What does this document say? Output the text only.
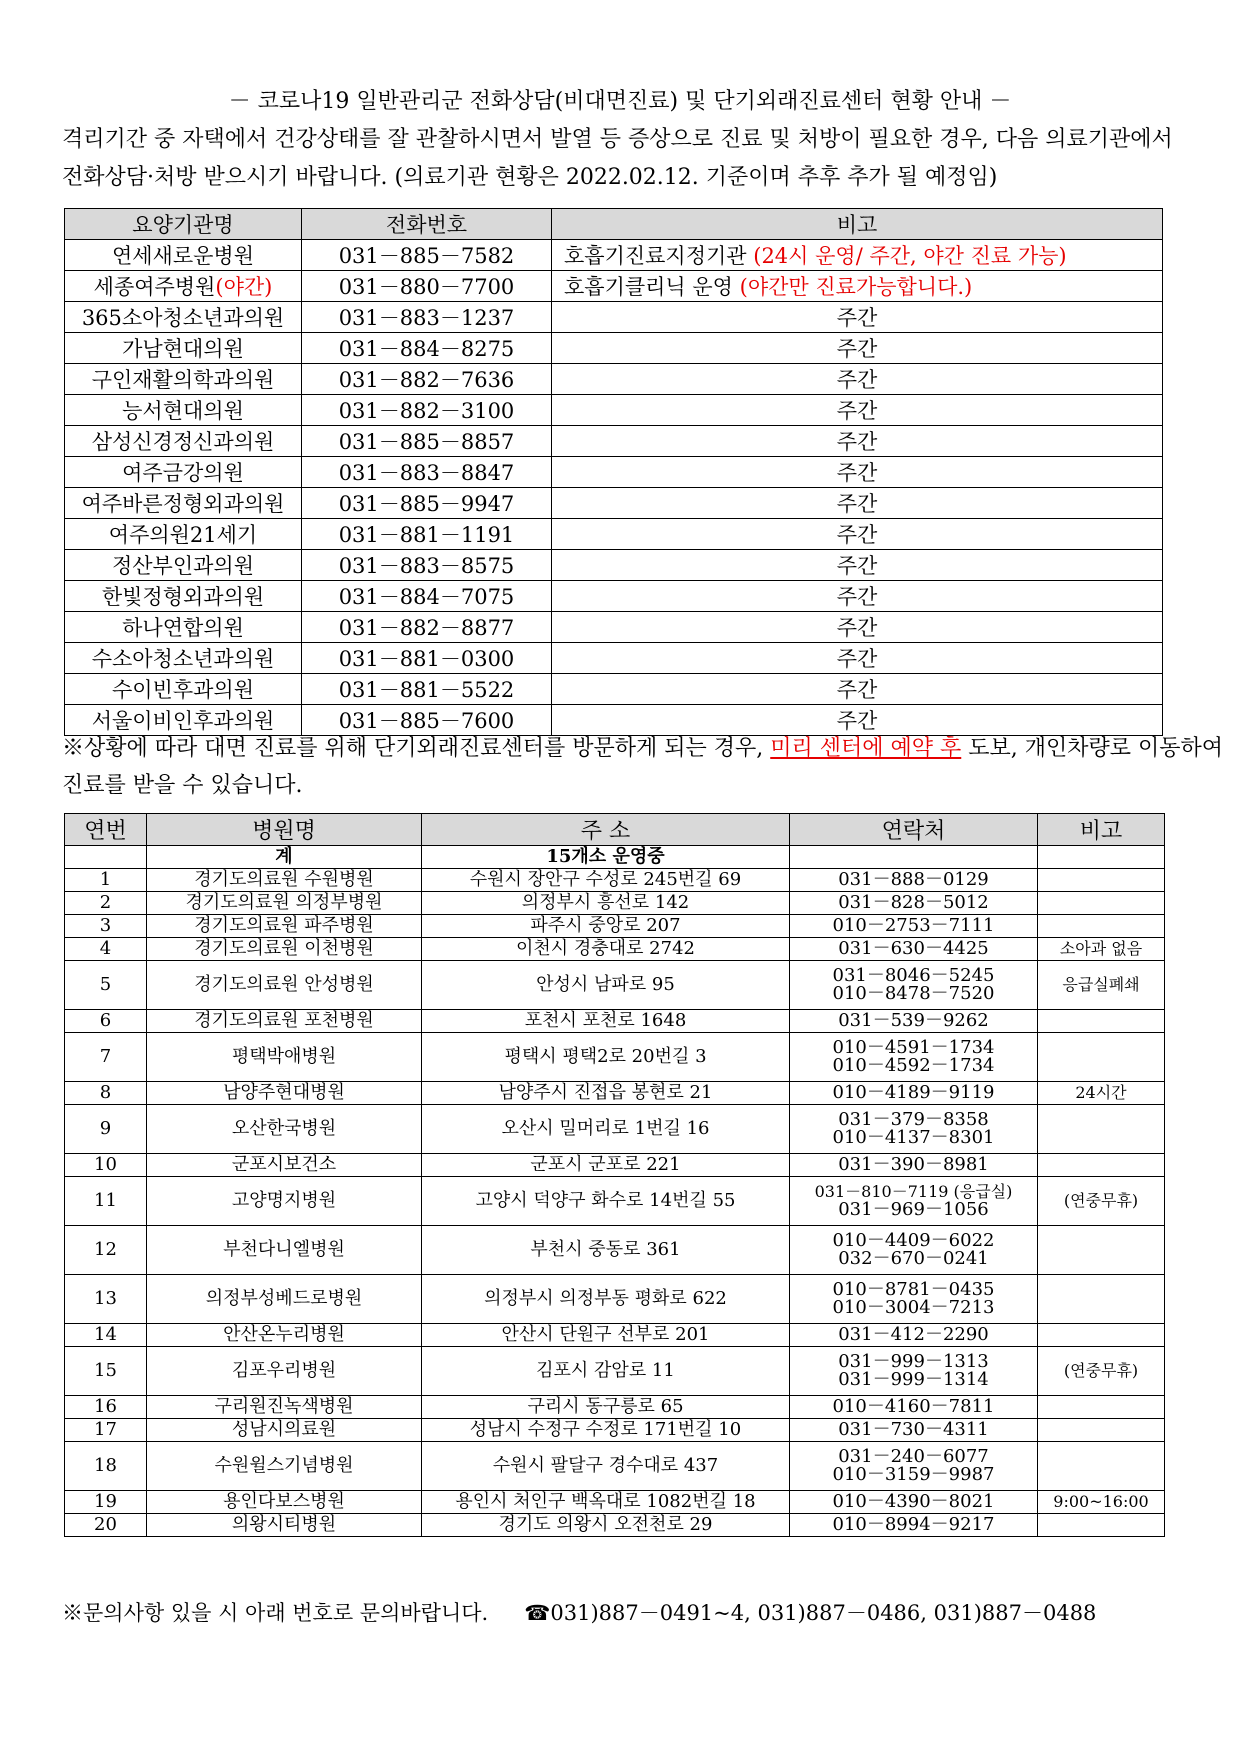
－ 코로나19 일반관리군 전화상담(비대면진료) 및 단기외래진료센터 현황 안내 －
격리기간 중 자택에서 건강상태를 잘 관찰하시면서 발열 등 증상으로 진료 및 처방이 필요한 경우, 다음 의료기관에서
전화상담·처방 받으시기 바랍니다. (의료기관 현황은 2022.02.12. 기준이며 추후 추가 될 예정임)
요양기관명	전화번호	비고
연세새로운병원	031－885－7582	호흡기진료지정기관 (24시 운영/ 주간, 야간 진료 가능)
세종여주병원(야간)	031－880－7700	호흡기클리닉 운영 (야간만 진료가능합니다.)
365소아청소년과의원	031－883－1237	주간
가남현대의원	031－884－8275	주간
구인재활의학과의원	031－882－7636	주간
능서현대의원	031－882－3100	주간
삼성신경정신과의원	031－885－8857	주간
여주금강의원	031－883－8847	주간
여주바른정형외과의원	031－885－9947	주간
여주의원21세기	031－881－1191	주간
정산부인과의원	031－883－8575	주간
한빛정형외과의원	031－884－7075	주간
하나연합의원	031－882－8877	주간
수소아청소년과의원	031－881－0300	주간
수이빈후과의원	031－881－5522	주간
서울이비인후과의원	031－885－7600	주간
※상황에 따라 대면 진료를 위해 단기외래진료센터를 방문하게 되는 경우, 미리 센터에 예약 후 도보, 개인차량로 이동하여
진료를 받을 수 있습니다.
연번	병원명	주 소	연락처	비고
	계	15개소 운영중		
1	경기도의료원 수원병원	수원시 장안구 수성로 245번길 69	031－888－0129	

2	경기도의료원 의정부병원	의정부시 흥선로 142	031－828－5012	

3	경기도의료원 파주병원	파주시 중앙로 207	010－2753－7111	

4	경기도의료원 이천병원	이천시 경충대로 2742	031－630－4425	소아과 없음
5	경기도의료원 안성병원	안성시 남파로 95	031－8046－5245
010－8478－7520	응급실폐쇄
6	경기도의료원 포천병원	포천시 포천로 1648	031－539－9262	

7	평택박애병원	평택시 평택2로 20번길 3	010－4591－1734
010－4592－1734	

8	남양주현대병원	남양주시 진접읍 봉현로 21	010－4189－9119	24시간
9	오산한국병원	오산시 밀머리로 1번길 16	031－379－8358
010－4137－8301	

10	군포시보건소	군포시 군포로 221	031－390－8981	

11	고양명지병원	고양시 덕양구 화수로 14번길 55	031－810－7119 (응급실)
031－969－1056	(연중무휴)
12	부천다니엘병원	부천시 중동로 361	010－4409－6022
032－670－0241	

13	의정부성베드로병원	의정부시 의정부동 평화로 622	010－8781－0435
010－3004－7213	

14	안산온누리병원	안산시 단원구 선부로 201	031－412－2290	

15	김포우리병원	김포시 감암로 11	031－999－1313
031－999－1314	(연중무휴)
16	구리원진녹색병원	구리시 동구릉로 65	010－4160－7811	

17	성남시의료원	성남시 수정구 수정로 171번길 10	031－730－4311	

18	수원윌스기념병원	수원시 팔달구 경수대로 437	031－240－6077
010－3159－9987	

19	용인다보스병원	용인시 처인구 백옥대로 1082번길 18	010－4390－8021	9:00~16:00
20	의왕시티병원	경기도 의왕시 오전천로 29	010－8994－9217	

※문의사항 있을 시 아래 번호로 문의바랍니다. ☎031)887－0491~4, 031)887－0486, 031)887－0488
